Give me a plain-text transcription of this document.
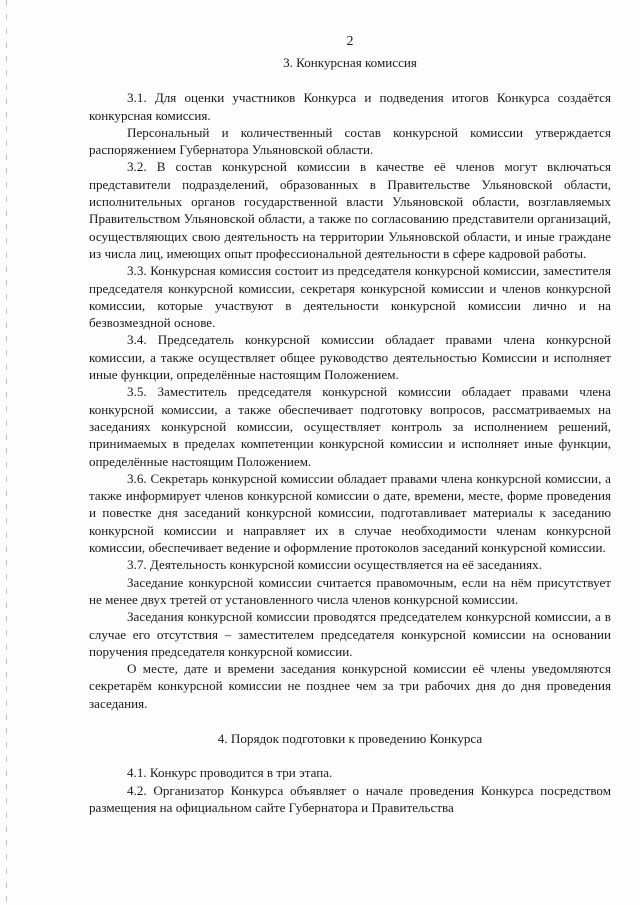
2

3. Конкурсная комиссия

3.1. Для оценки участников Конкурса и подведения итогов Конкурса создаётся конкурсная комиссия.

Персональный и количественный состав конкурсной комиссии утверждается распоряжением Губернатора Ульяновской области.

3.2. В состав конкурсной комиссии в качестве её членов могут включаться представители подразделений, образованных в Правительстве Ульяновской области, исполнительных органов государственной власти Ульяновской области, возглавляемых Правительством Ульяновской области, а также по согласованию представители организаций, осуществляющих свою деятельность на территории Ульяновской области, и иные граждане из числа лиц, имеющих опыт профессиональной деятельности в сфере кадровой работы.

3.3. Конкурсная комиссия состоит из председателя конкурсной комиссии, заместителя председателя конкурсной комиссии, секретаря конкурсной комиссии и членов конкурсной комиссии, которые участвуют в деятельности конкурсной комиссии лично и на безвозмездной основе.

3.4. Председатель конкурсной комиссии обладает правами члена конкурсной комиссии, а также осуществляет общее руководство деятельностью Комиссии и исполняет иные функции, определённые настоящим Положением.

3.5. Заместитель председателя конкурсной комиссии обладает правами члена конкурсной комиссии, а также обеспечивает подготовку вопросов, рассматриваемых на заседаниях конкурсной комиссии, осуществляет контроль за исполнением решений, принимаемых в пределах компетенции конкурсной комиссии и исполняет иные функции, определённые настоящим Положением.

3.6. Секретарь конкурсной комиссии обладает правами члена конкурсной комиссии, а также информирует членов конкурсной комиссии о дате, времени, месте, форме проведения и повестке дня заседаний конкурсной комиссии, подготавливает материалы к заседанию конкурсной комиссии и направляет их в случае необходимости членам конкурсной комиссии, обеспечивает ведение и оформление протоколов заседаний конкурсной комиссии.

3.7. Деятельность конкурсной комиссии осуществляется на её заседаниях.

Заседание конкурсной комиссии считается правомочным, если на нём присутствует не менее двух третей от установленного числа членов конкурсной комиссии.

Заседания конкурсной комиссии проводятся председателем конкурсной комиссии, а в случае его отсутствия – заместителем председателя конкурсной комиссии на основании поручения председателя конкурсной комиссии.

О месте, дате и времени заседания конкурсной комиссии её члены уведомляются секретарём конкурсной комиссии не позднее чем за три рабочих дня до дня проведения заседания.

4. Порядок подготовки к проведению Конкурса

4.1. Конкурс проводится в три этапа.

4.2. Организатор Конкурса объявляет о начале проведения Конкурса посредством размещения на официальном сайте Губернатора и Правительства
